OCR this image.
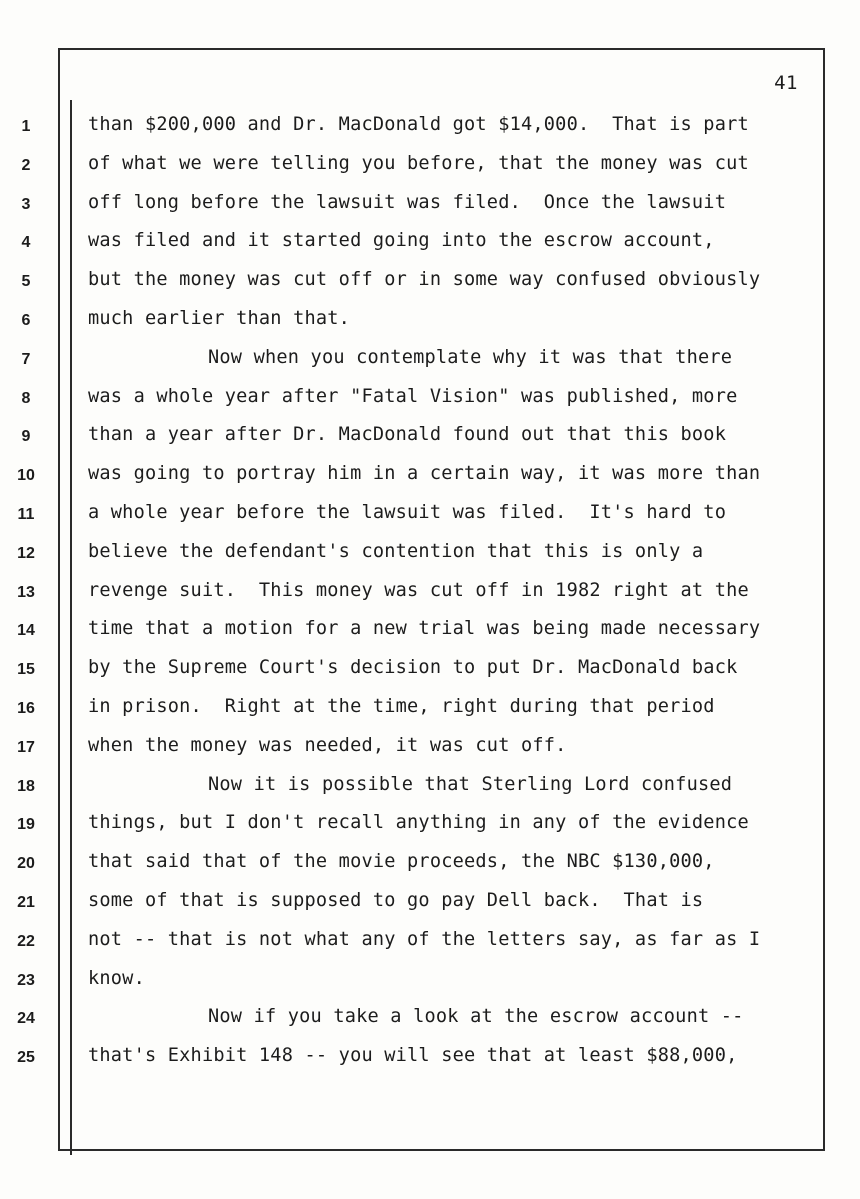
41
1	than $200,000 and Dr. MacDonald got $14,000.  That is part
2	of what we were telling you before, that the money was cut
3	off long before the lawsuit was filed.  Once the lawsuit
4	was filed and it started going into the escrow account,
5	but the money was cut off or in some way confused obviously
6	much earlier than that.
7	Now when you contemplate why it was that there
8	was a whole year after "Fatal Vision" was published, more
9	than a year after Dr. MacDonald found out that this book
10	was going to portray him in a certain way, it was more than
11	a whole year before the lawsuit was filed.  It's hard to
12	believe the defendant's contention that this is only a
13	revenge suit.  This money was cut off in 1982 right at the
14	time that a motion for a new trial was being made necessary
15	by the Supreme Court's decision to put Dr. MacDonald back
16	in prison.  Right at the time, right during that period
17	when the money was needed, it was cut off.
18	Now it is possible that Sterling Lord confused
19	things, but I don't recall anything in any of the evidence
20	that said that of the movie proceeds, the NBC $130,000,
21	some of that is supposed to go pay Dell back.  That is
22	not -- that is not what any of the letters say, as far as I
23	know.
24	Now if you take a look at the escrow account --
25	that's Exhibit 148 -- you will see that at least $88,000,
